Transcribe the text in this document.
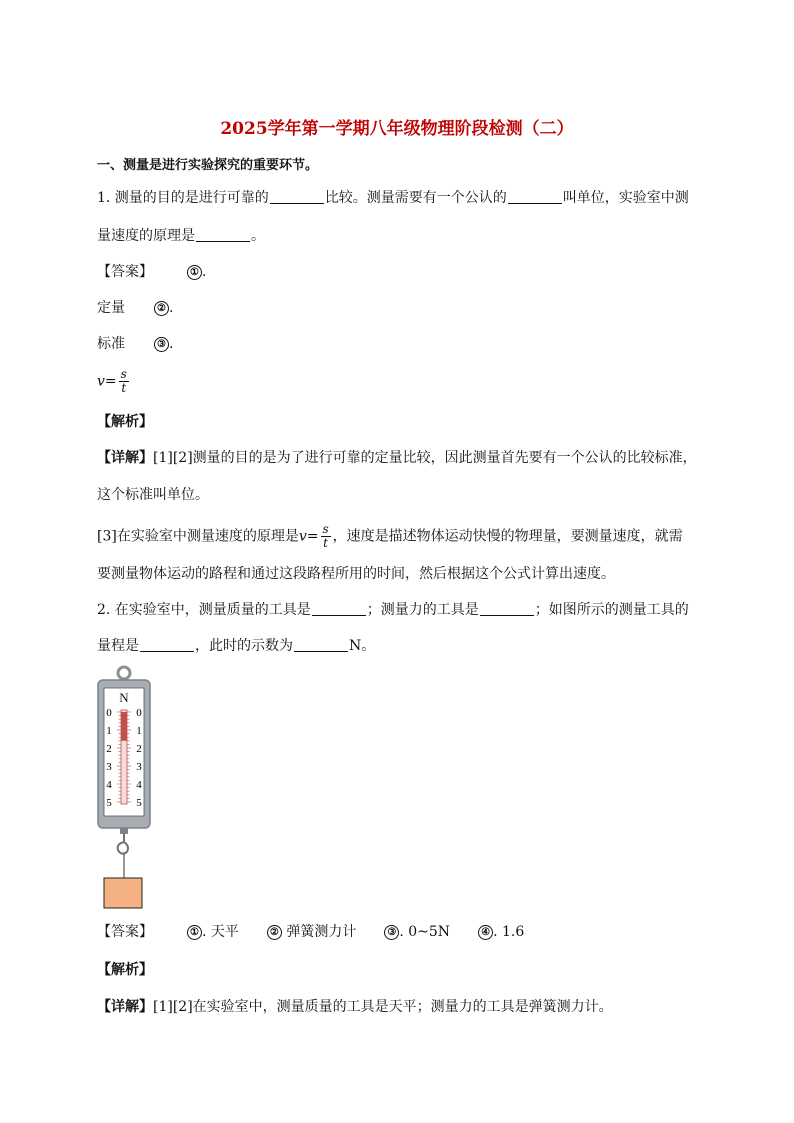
2025学年第一学期八年级物理阶段检测（二）
一、测量是进行实验探究的重要环节。
1. 测量的目的是进行可靠的	比较。测量需要有一个公认的	叫单位，实验室中测
量速度的原理是	。
【答案】	① .
定量	② .
标准	③ .
$v= \frac{s}{t}$
【解析】
【详解】[1][2]测量的目的是为了进行可靠的定量比较，因此测量首先要有一个公认的比较标准，
这个标准叫单位。
[3]在实验室中测量速度的原理是$v= \frac{s}{t}$ ，速度是描述物体运动快慢的物理量，要测量速度，就需
要测量物体运动的路程和通过这段路程所用的时间，然后根据这个公式计算出速度。
2. 在实验室中，测量质量的工具是	；测量力的工具是	；如图所示的测量工具的
量程是	，此时的示数为	N。
N
0
1
2
3
4
5
0
1
2
3
4
5
【答案】	① . 天平	② 弹簧测力计	③ . 0~5N	④ . 1.6
【解析】
【详解】[1][2]在实验室中，测量质量的工具是天平；测量力的工具是弹簧测力计。
